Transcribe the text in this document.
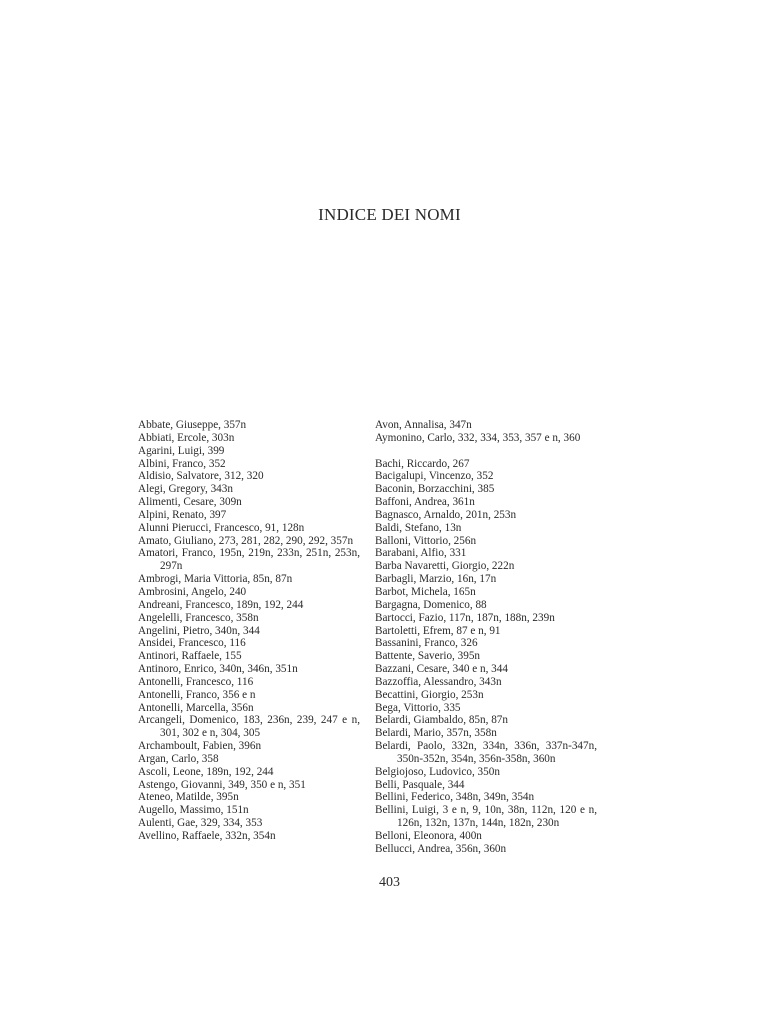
INDICE DEI NOMI
Abbate, Giuseppe, 357n
Abbiati, Ercole, 303n
Agarini, Luigi, 399
Albini, Franco, 352
Aldisio, Salvatore, 312, 320
Alegi, Gregory, 343n
Alimenti, Cesare, 309n
Alpini, Renato, 397
Alunni Pierucci, Francesco, 91, 128n
Amato, Giuliano, 273, 281, 282, 290, 292, 357n
Amatori, Franco, 195n, 219n, 233n, 251n, 253n, 297n
Ambrogi, Maria Vittoria, 85n, 87n
Ambrosini, Angelo, 240
Andreani, Francesco, 189n, 192, 244
Angelelli, Francesco, 358n
Angelini, Pietro, 340n, 344
Ansidei, Francesco, 116
Antinori, Raffaele, 155
Antinoro, Enrico, 340n, 346n, 351n
Antonelli, Francesco, 116
Antonelli, Franco, 356 e n
Antonelli, Marcella, 356n
Arcangeli, Domenico, 183, 236n, 239, 247 e n, 301, 302 e n, 304, 305
Archamboult, Fabien, 396n
Argan, Carlo, 358
Ascoli, Leone, 189n, 192, 244
Astengo, Giovanni, 349, 350 e n, 351
Ateneo, Matilde, 395n
Augello, Massimo, 151n
Aulenti, Gae, 329, 334, 353
Avellino, Raffaele, 332n, 354n
Avon, Annalisa, 347n
Aymonino, Carlo, 332, 334, 353, 357 e n, 360
Bachi, Riccardo, 267
Bacigalupi, Vincenzo, 352
Baconin, Borzacchini, 385
Baffoni, Andrea, 361n
Bagnasco, Arnaldo, 201n, 253n
Baldi, Stefano, 13n
Balloni, Vittorio, 256n
Barabani, Alfio, 331
Barba Navaretti, Giorgio, 222n
Barbagli, Marzio, 16n, 17n
Barbot, Michela, 165n
Bargagna, Domenico, 88
Bartocci, Fazio, 117n, 187n, 188n, 239n
Bartoletti, Efrem, 87 e n, 91
Bassanini, Franco, 326
Battente, Saverio, 395n
Bazzani, Cesare, 340 e n, 344
Bazzoffia, Alessandro, 343n
Becattini, Giorgio, 253n
Bega, Vittorio, 335
Belardi, Giambaldo, 85n, 87n
Belardi, Mario, 357n, 358n
Belardi, Paolo, 332n, 334n, 336n, 337n-347n, 350n-352n, 354n, 356n-358n, 360n
Belgiojoso, Ludovico, 350n
Belli, Pasquale, 344
Bellini, Federico, 348n, 349n, 354n
Bellini, Luigi, 3 e n, 9, 10n, 38n, 112n, 120 e n, 126n, 132n, 137n, 144n, 182n, 230n
Belloni, Eleonora, 400n
Bellucci, Andrea, 356n, 360n
403
